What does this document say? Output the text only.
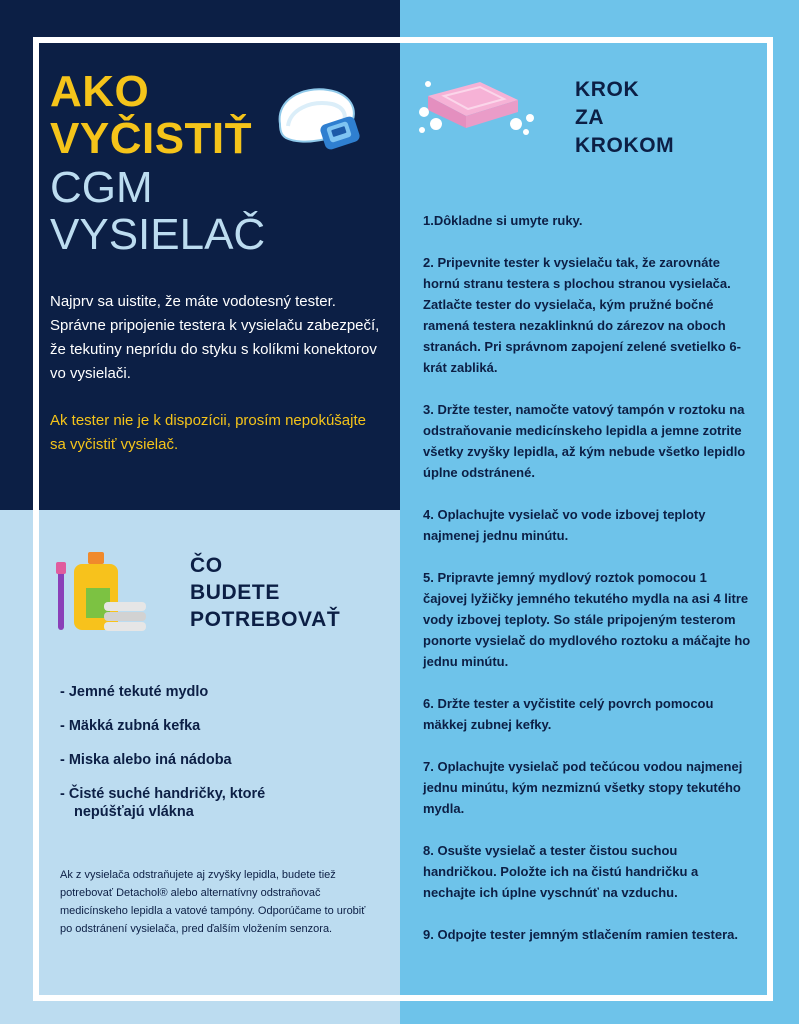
AKO
VYČISTIŤ
CGM
VYSIELAČ
Najprv sa uistite, že máte vodotesný tester. Správne pripojenie testera k vysielaču zabezpečí, že tekutiny neprídu do styku s kolíkmi konektorov vo vysielači.
Ak tester nie je k dispozícii, prosím nepokúšajte sa vyčistiť vysielač.
ČO
BUDETE
POTREBOVAŤ
- Jemné tekuté mydlo
- Mäkká zubná kefka
- Miska alebo iná nádoba
- Čisté suché handričky, ktoré
nepúšťajú vlákna
Ak z vysielača odstraňujete aj zvyšky lepidla, budete tiež potrebovať Detachol® alebo alternatívny odstraňovač medicínskeho lepidla a vatové tampóny. Odporúčame to urobiť po odstránení vysielača, pred ďalším vložením senzora.
KROK
ZA
KROKOM
1.Dôkladne si umyte ruky.
2. Pripevnite tester k vysielaču tak, že zarovnáte hornú stranu testera s plochou stranou vysielača. Zatlačte tester do vysielača, kým pružné bočné ramená testera nezaklinknú do zárezov na oboch stranách. Pri správnom zapojení zelené svetielko 6-krát zabliká.
3. Držte tester, namočte vatový tampón v roztoku na odstraňovanie medicínskeho lepidla a jemne zotrite všetky zvyšky lepidla, až kým nebude všetko lepidlo úplne odstránené.
4. Oplachujte vysielač vo vode izbovej teploty najmenej jednu minútu.
5. Pripravte jemný mydlový roztok pomocou 1 čajovej lyžičky jemného tekutého mydla na asi 4 litre vody izbovej teploty. So stále pripojeným testerom ponorte vysielač do mydlového roztoku a máčajte ho jednu minútu.
6. Držte tester a vyčistite celý povrch pomocou mäkkej zubnej kefky.
7. Oplachujte vysielač pod tečúcou vodou najmenej jednu minútu, kým nezmiznú všetky stopy tekutého mydla.
8. Osušte vysielač a tester čistou suchou handričkou. Položte ich na čistú handričku a nechajte ich úplne vyschnúť na vzduchu.
9. Odpojte tester jemným stlačením ramien testera.
